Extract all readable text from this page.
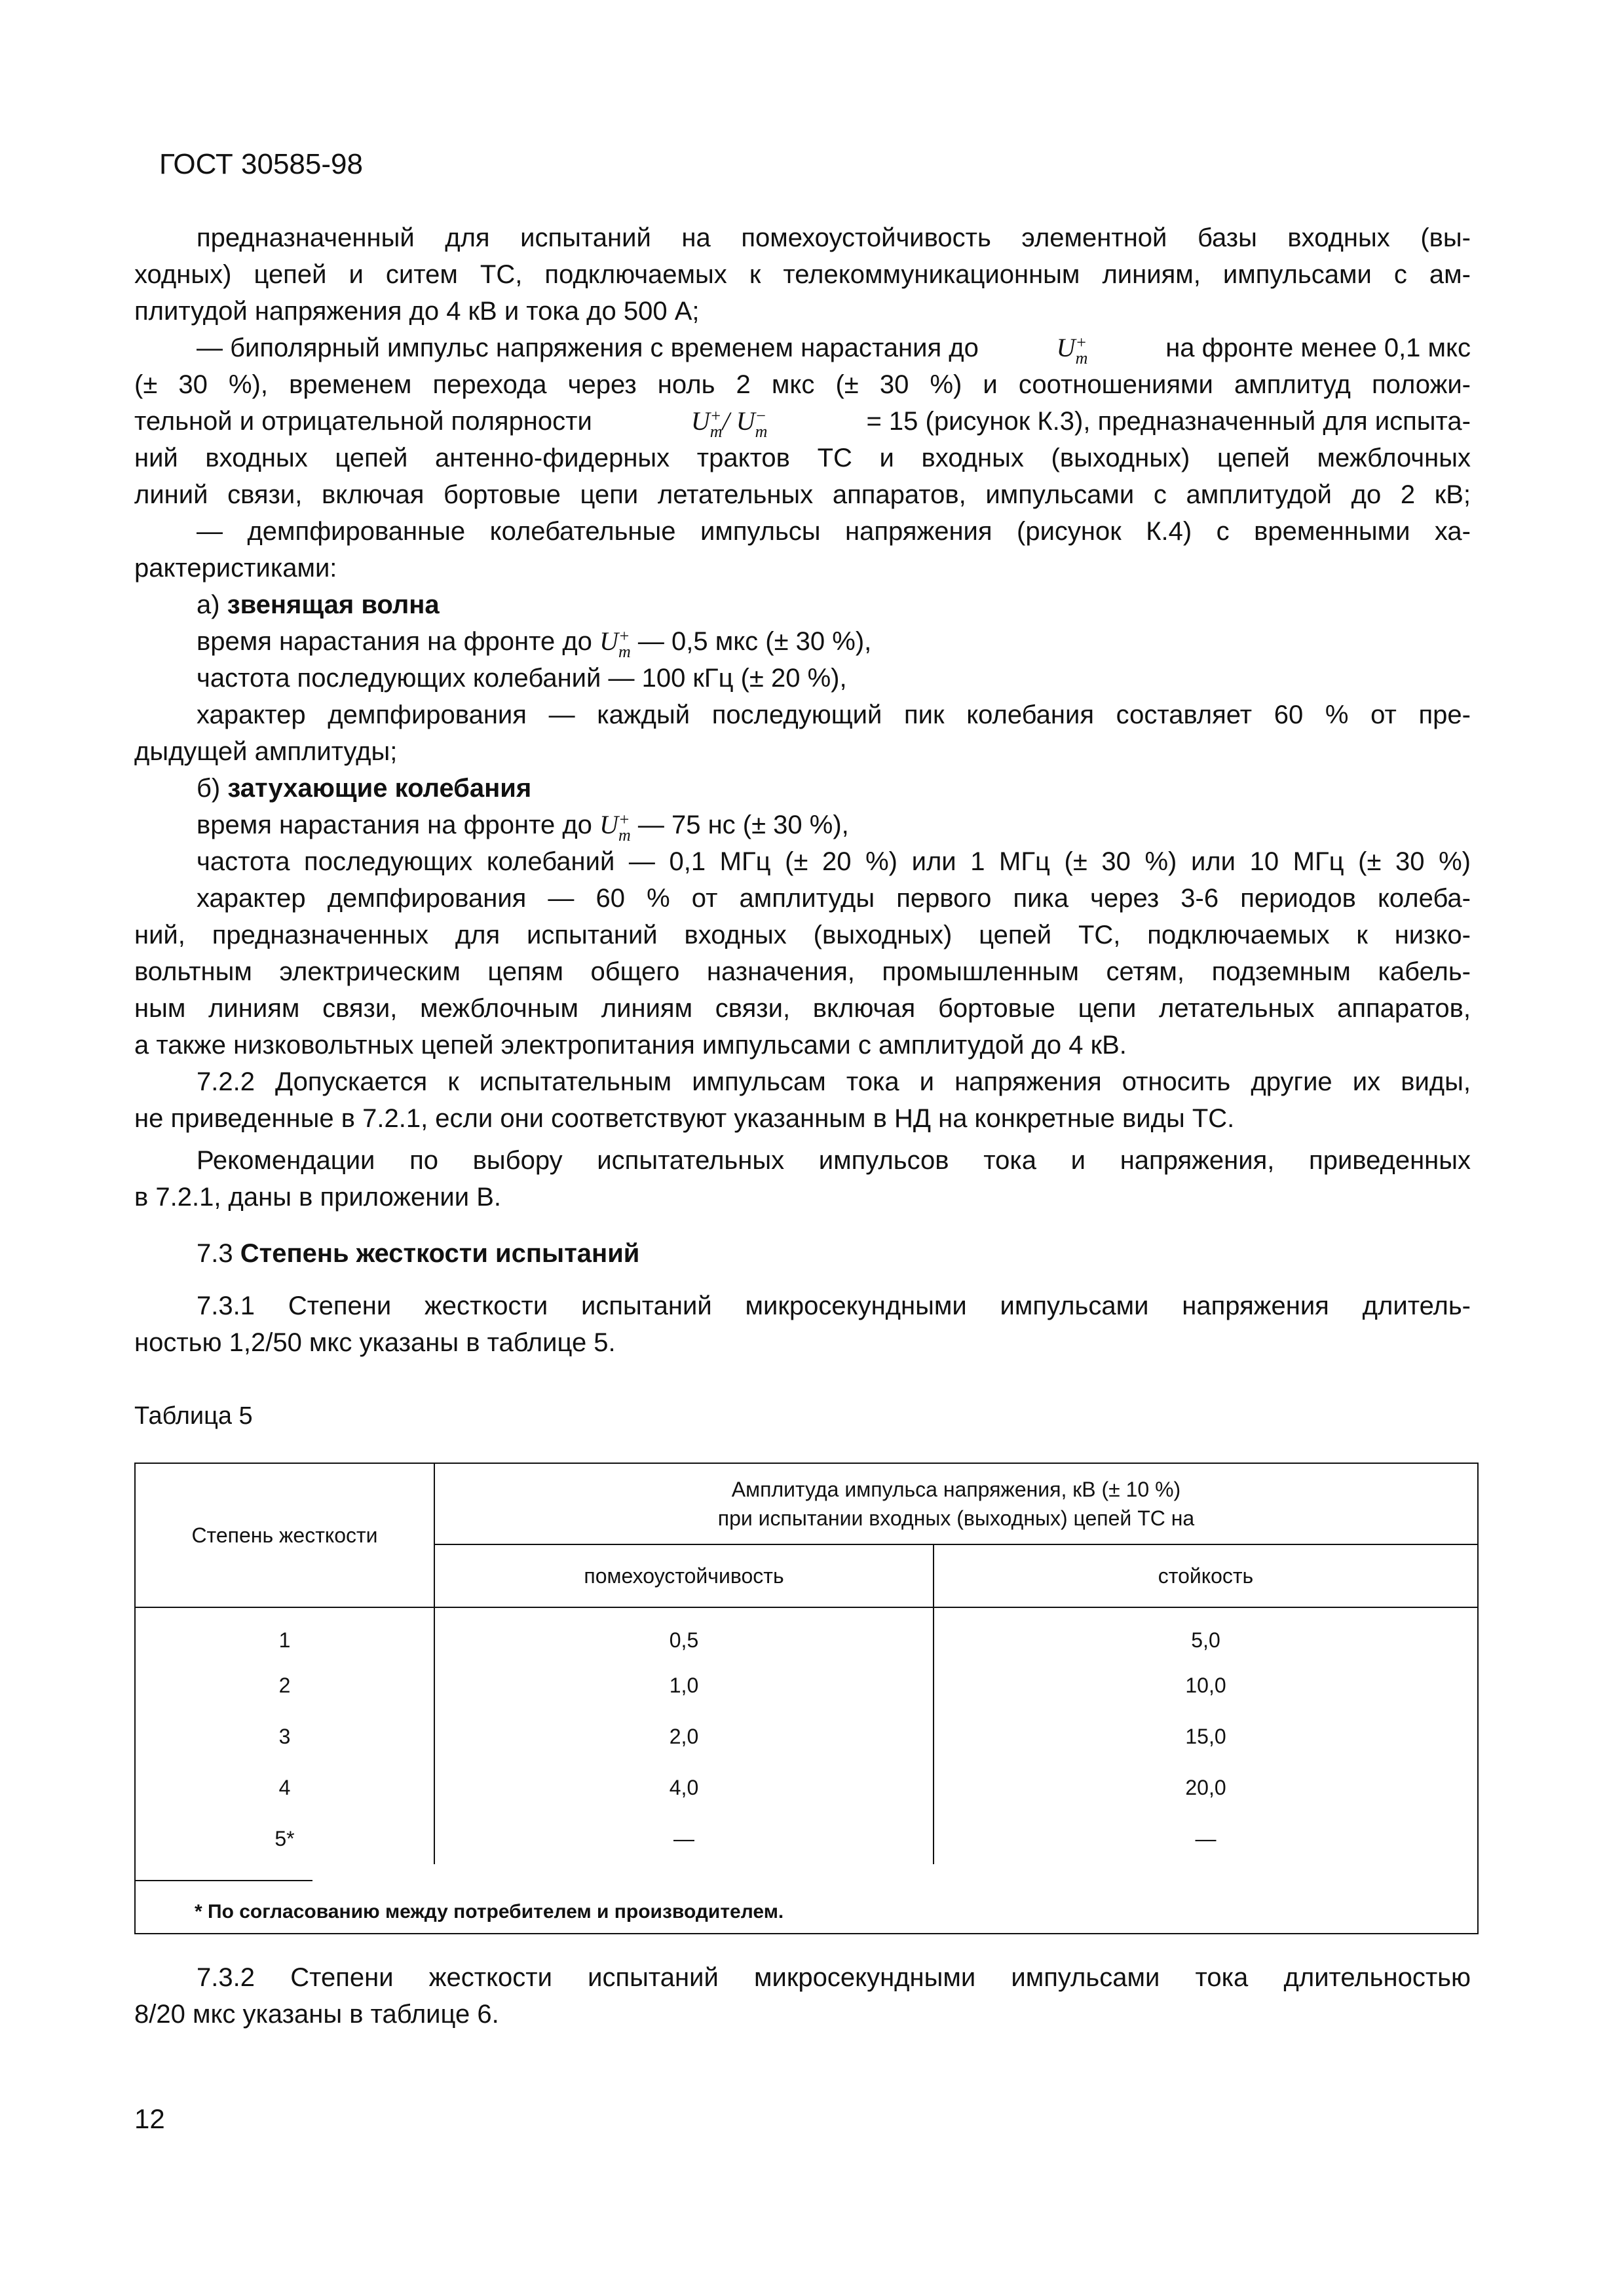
ГОСТ 30585-98
предназначенный для испытаний на помехоустойчивость элементной базы входных (вы-
ходных) цепей и ситем ТС, подключаемых к телекоммуникационным линиям, импульсами с ам-
плитудой напряжения до 4 кВ и тока до 500 А;
— биполярный импульс напряжения с временем нарастания до	U +
m	на фронте менее 0,1 мкс
(± 30 %), временем перехода через ноль 2 мкс (± 30 %) и соотношениями амплитуд положи-
тельной и отрицательной полярности	U +
m / U −
m	= 15 (рисунок К.3), предназначенный для испыта-
ний входных цепей антенно-фидерных трактов ТС и входных (выходных) цепей межблочных
линий связи, включая бортовые цепи летательных аппаратов, импульсами с амплитудой до 2 кВ;
— демпфированные колебательные импульсы напряжения (рисунок К.4) с временными ха-
рактеристиками:
а) звенящая волна
время нарастания на фронте до U +
m — 0,5 мкс (± 30 %),
частота последующих колебаний — 100 кГц (± 20 %),
характер демпфирования — каждый последующий пик колебания составляет 60 % от пре-
дыдущей амплитуды;
б) затухающие колебания
время нарастания на фронте до U +
m — 75 нс (± 30 %),
частота последующих колебаний — 0,1 МГц (± 20 %) или 1 МГц (± 30 %) или 10 МГц (± 30 %)
характер демпфирования — 60 % от амплитуды первого пика через 3-6 периодов колеба-
ний, предназначенных для испытаний входных (выходных) цепей ТС, подключаемых к низко-
вольтным электрическим цепям общего назначения, промышленным сетям, подземным кабель-
ным линиям связи, межблочным линиям связи, включая бортовые цепи летательных аппаратов,
а также низковольтных цепей электропитания импульсами с амплитудой до 4 кВ.
7.2.2 Допускается к испытательным импульсам тока и напряжения относить другие их виды,
не приведенные в 7.2.1, если они соответствуют указанным в НД на конкретные виды ТС.
Рекомендации по выбору испытательных импульсов тока и напряжения, приведенных
в 7.2.1, даны в приложении В.
7.3 Степень жесткости испытаний
7.3.1 Степени жесткости испытаний микросекундными импульсами напряжения длитель-
ностью 1,2/50 мкс указаны в таблице 5.
Таблица 5
Степень жесткости	Амплитуда импульса напряжения, кВ (± 10 %)
при испытании входных (выходных) цепей ТС на	

	помехоустойчивость	стойкость
1	0,5	5,0
2	1,0	10,0
3	2,0	15,0
4	4,0	20,0
5*	—	—

* По согласованию между потребителем и производителем.		
7.3.2 Степени жесткости испытаний микросекундными импульсами тока длительностью
8/20 мкс указаны в таблице 6.
12
